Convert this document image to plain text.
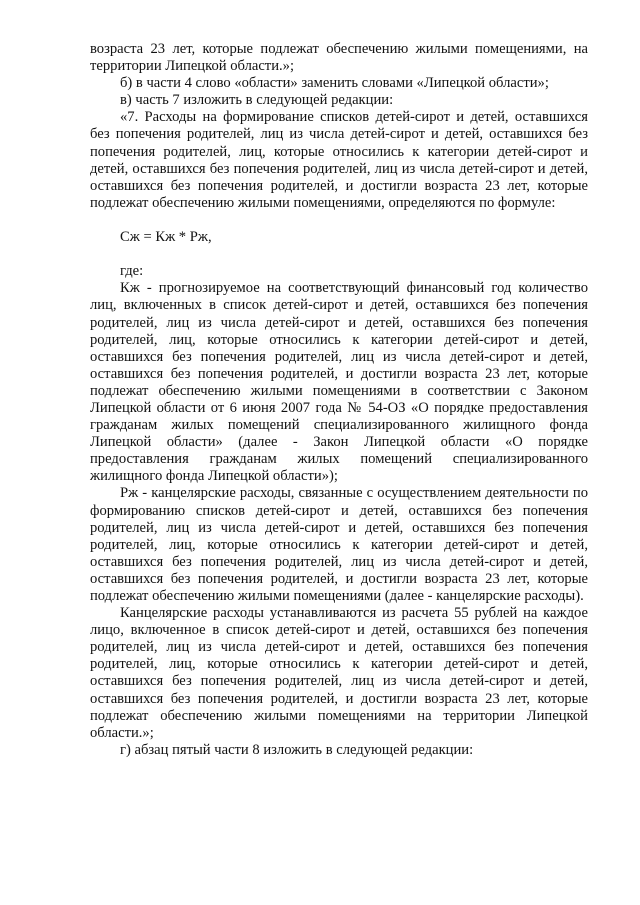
возраста 23 лет, которые подлежат обеспечению жилыми помещениями, на территории Липецкой области.»;

б) в части 4 слово «области» заменить словами «Липецкой области»;

в) часть 7 изложить в следующей редакции:

«7. Расходы на формирование списков детей-сирот и детей, оставшихся без попечения родителей, лиц из числа детей-сирот и детей, оставшихся без попечения родителей, лиц, которые относились к категории детей-сирот и детей, оставшихся без попечения родителей, лиц из числа детей-сирот и детей, оставшихся без попечения родителей, и достигли возраста 23 лет, которые подлежат обеспечению жилыми помещениями, определяются по формуле:

Сж = Кж * Рж,

где:

Кж - прогнозируемое на соответствующий финансовый год количество лиц, включенных в список детей-сирот и детей, оставшихся без попечения родителей, лиц из числа детей-сирот и детей, оставшихся без попечения родителей, лиц, которые относились к категории детей-сирот и детей, оставшихся без попечения родителей, лиц из числа детей-сирот и детей, оставшихся без попечения родителей, и достигли возраста 23 лет, которые подлежат обеспечению жилыми помещениями в соответствии с Законом Липецкой области от 6 июня 2007 года № 54-ОЗ «О порядке предоставления гражданам жилых помещений специализированного жилищного фонда Липецкой области» (далее - Закон Липецкой области «О порядке предоставления гражданам жилых помещений специализированного жилищного фонда Липецкой области»);

Рж - канцелярские расходы, связанные с осуществлением деятельности по формированию списков детей-сирот и детей, оставшихся без попечения родителей, лиц из числа детей-сирот и детей, оставшихся без попечения родителей, лиц, которые относились к категории детей-сирот и детей, оставшихся без попечения родителей, лиц из числа детей-сирот и детей, оставшихся без попечения родителей, и достигли возраста 23 лет, которые подлежат обеспечению жилыми помещениями (далее - канцелярские расходы).

Канцелярские расходы устанавливаются из расчета 55 рублей на каждое лицо, включенное в список детей-сирот и детей, оставшихся без попечения родителей, лиц из числа детей-сирот и детей, оставшихся без попечения родителей, лиц, которые относились к категории детей-сирот и детей, оставшихся без попечения родителей, лиц из числа детей-сирот и детей, оставшихся без попечения родителей, и достигли возраста 23 лет, которые подлежат обеспечению жилыми помещениями на территории Липецкой области.»;

г) абзац пятый части 8 изложить в следующей редакции:
